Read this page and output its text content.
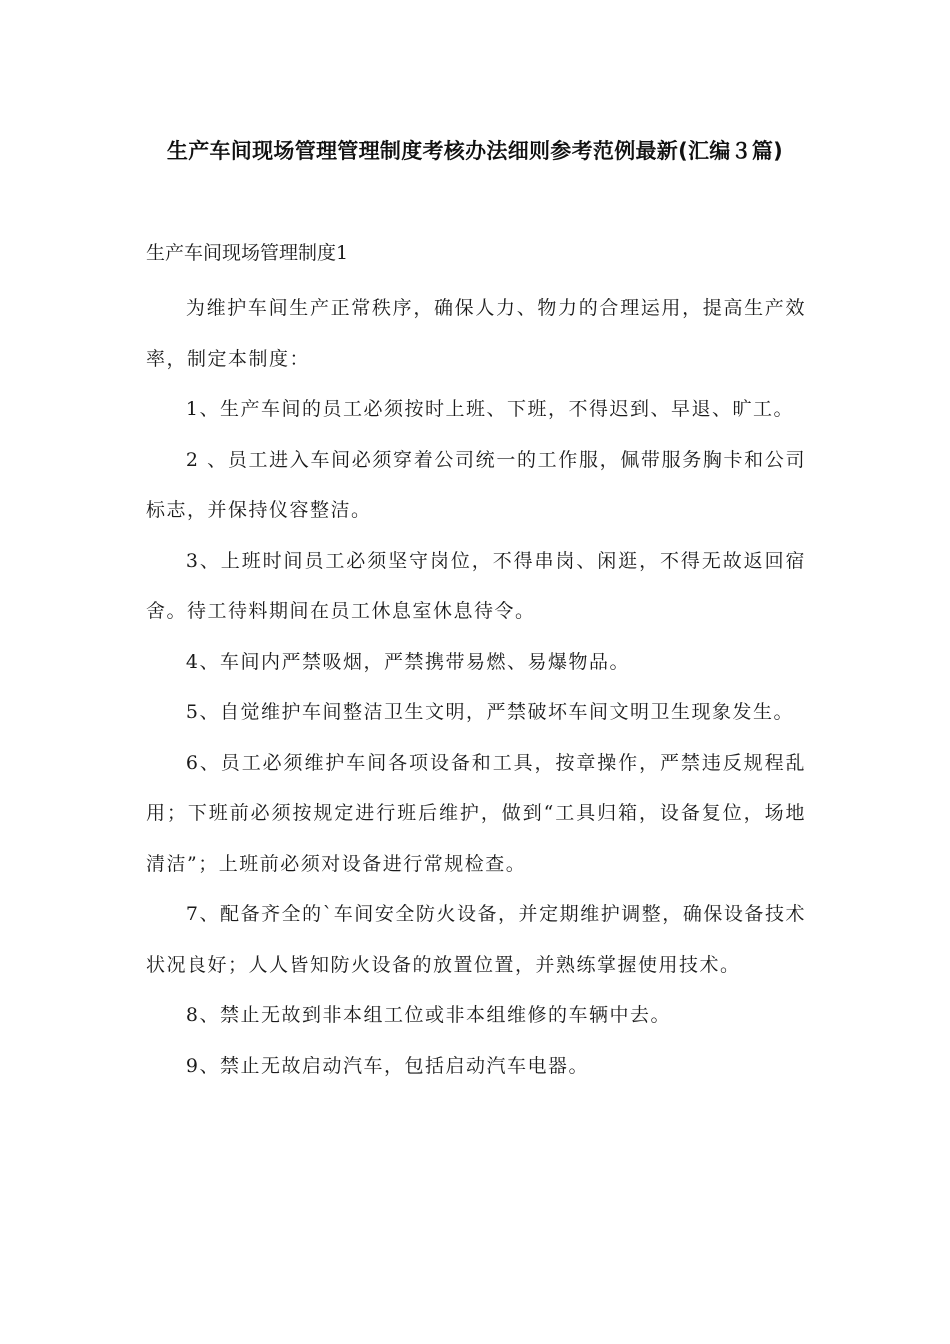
生产车间现场管理管理制度考核办法细则参考范例最新(汇编３篇)
生产车间现场管理制度1

为维护车间生产正常秩序，确保人力、物力的合理运用，提高生产效率，制定本制度：

1、生产车间的员工必须按时上班、下班，不得迟到、早退、旷工。

2 、员工进入车间必须穿着公司统一的工作服，佩带服务胸卡和公司标志，并保持仪容整洁。

3、上班时间员工必须坚守岗位，不得串岗、闲逛，不得无故返回宿舍。待工待料期间在员工休息室休息待令。

4、车间内严禁吸烟，严禁携带易燃、易爆物品。

5、自觉维护车间整洁卫生文明，严禁破坏车间文明卫生现象发生。

6、员工必须维护车间各项设备和工具，按章操作，严禁违反规程乱用；下班前必须按规定进行班后维护，做到“工具归箱，设备复位，场地清洁”；上班前必须对设备进行常规检查。

7、配备齐全的`车间安全防火设备，并定期维护调整，确保设备技术状况良好；人人皆知防火设备的放置位置，并熟练掌握使用技术。

8、禁止无故到非本组工位或非本组维修的车辆中去。

9、禁止无故启动汽车，包括启动汽车电器。
